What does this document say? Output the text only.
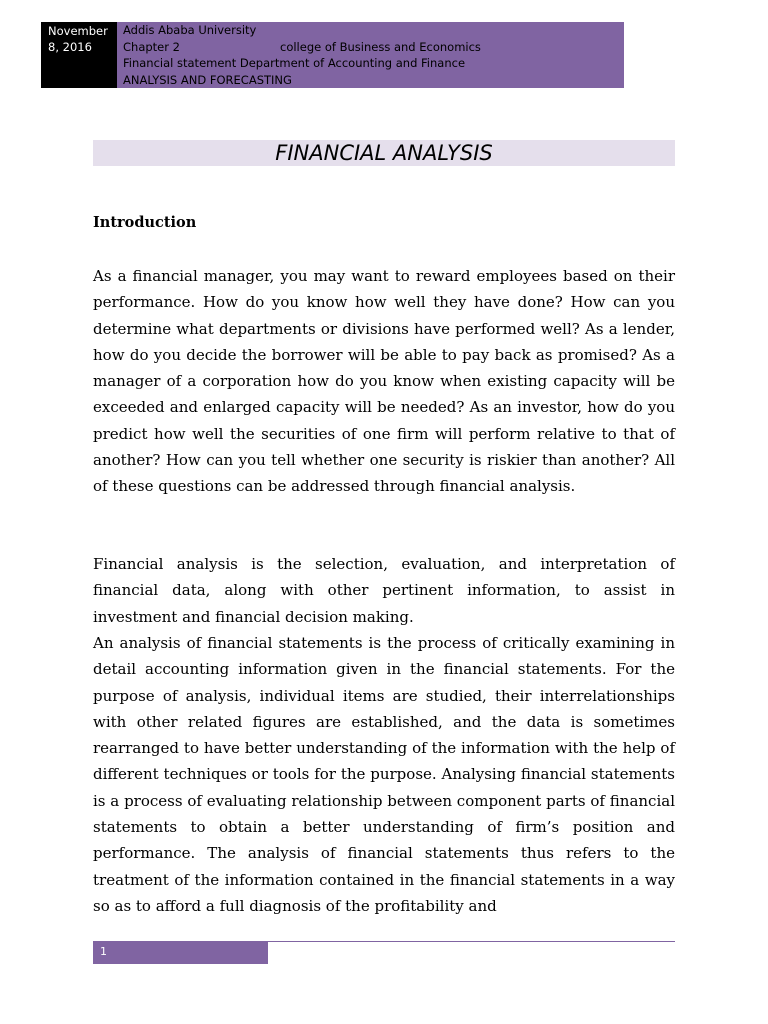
November 8, 2016
Addis Ababa University
Chapter 2	college of Business and Economics
Financial statement Department of Accounting and Finance
ANALYSIS AND FORECASTING
FINANCIAL ANALYSIS
Introduction

As a financial manager, you may want to reward employees based on their performance. How do you know how well they have done? How can you determine what departments or divisions have performed well? As a lender, how do you decide the borrower will be able to pay back as promised? As a manager of a corporation how do you know when existing capacity will be exceeded and enlarged capacity will be needed? As an investor, how do you predict how well the securities of one firm will perform relative to that of another? How can you tell whether one security is riskier than another? All of these questions can be addressed through financial analysis.

Financial analysis is the selection, evaluation, and interpretation of financial data, along with other pertinent information, to assist in investment and financial decision making.

An analysis of financial statements is the process of critically examining in detail accounting information given in the financial statements. For the purpose of analysis, individual items are studied, their interrelationships with other related figures are established, and the data is sometimes rearranged to have better understanding of the information with the help of different techniques or tools for the purpose. Analysing financial statements is a process of evaluating relationship between component parts of financial statements to obtain a better understanding of firm’s position and performance. The analysis of financial statements thus refers to the treatment of the information contained in the financial statements in a way so as to afford a full diagnosis of the profitability and

1
